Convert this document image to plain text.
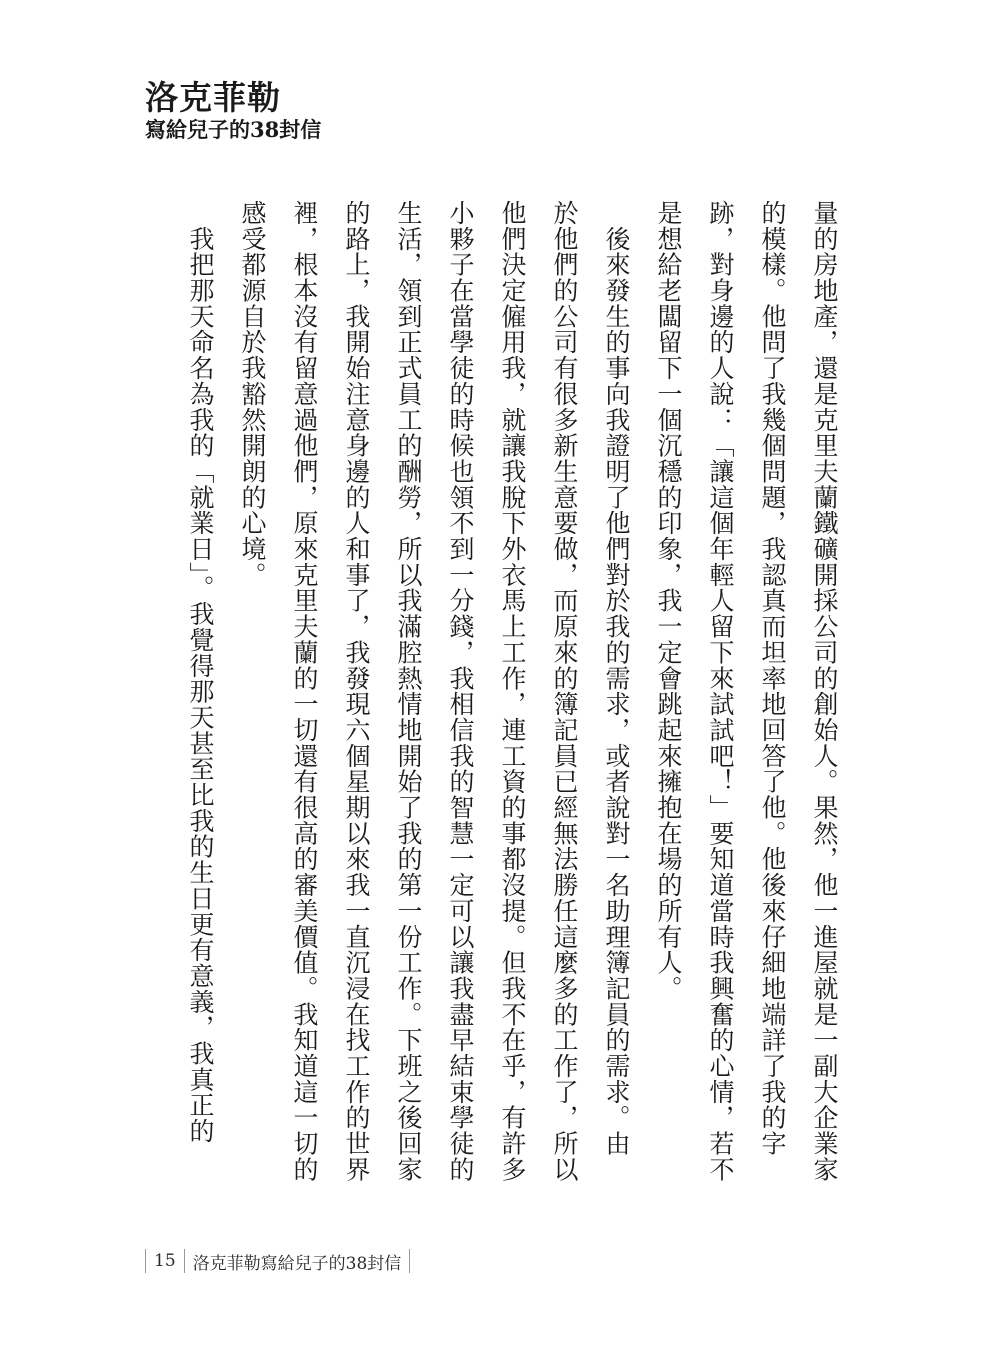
洛克菲勒
寫給兒子的38封信

量的房地產，還是克里夫蘭鐵礦開採公司的創始人。果然，他一進屋就是一副大企業家

的模樣。他問了我幾個問題，我認真而坦率地回答了他。他後來仔細地端詳了我的字

跡，對身邊的人說：「讓這個年輕人留下來試試吧！」要知道當時我興奮的心情，若不

是想給老闆留下一個沉穩的印象，我一定會跳起來擁抱在場的所有人。

　後來發生的事向我證明了他們對於我的需求，或者說對一名助理簿記員的需求。由

於他們的公司有很多新生意要做，而原來的簿記員已經無法勝任這麼多的工作了，所以

他們決定僱用我，就讓我脫下外衣馬上工作，連工資的事都沒提。但我不在乎，有許多

小夥子在當學徒的時候也領不到一分錢，我相信我的智慧一定可以讓我盡早結束學徒的

生活，領到正式員工的酬勞，所以我滿腔熱情地開始了我的第一份工作。下班之後回家

的路上，我開始注意身邊的人和事了，我發現六個星期以來我一直沉浸在找工作的世界

裡，根本沒有留意過他們，原來克里夫蘭的一切還有很高的審美價值。我知道這一切的

感受都源自於我豁然開朗的心境。

　我把那天命名為我的「就業日」。我覺得那天甚至比我的生日更有意義，我真正的

15	洛克菲勒寫給兒子的38封信
